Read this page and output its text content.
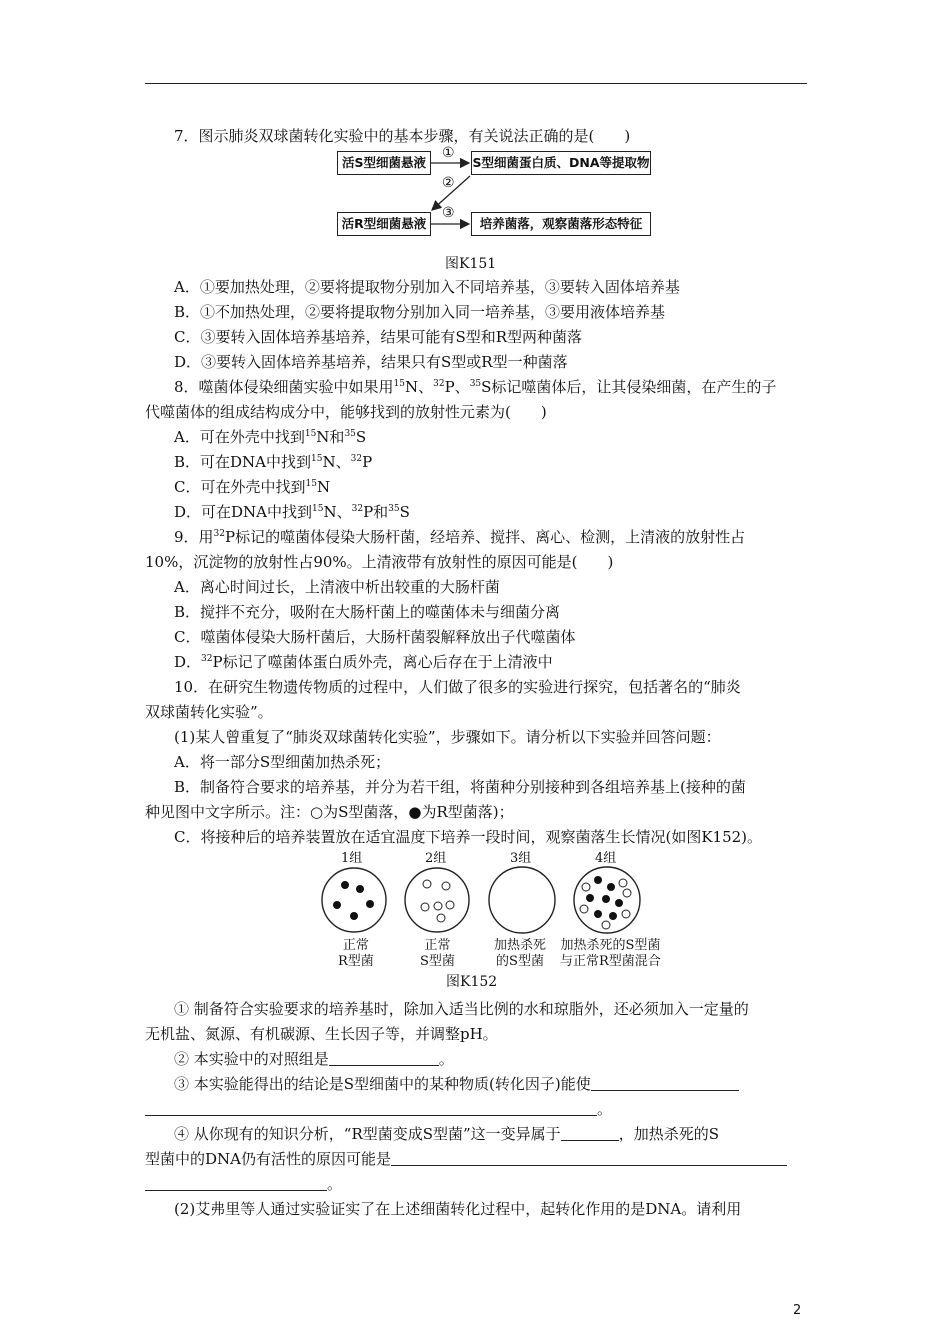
7．图示肺炎双球菌转化实验中的基本步骤，有关说法正确的是(　　)
活S型细菌悬液	S型细菌蛋白质、DNA等提取物
活R型细菌悬液	培养菌落，观察菌落形态特征
①
②
③
图K151
A．①要加热处理，②要将提取物分别加入不同培养基，③要转入固体培养基
B．①不加热处理，②要将提取物分别加入同一培养基，③要用液体培养基
C．③要转入固体培养基培养，结果可能有S型和R型两种菌落
D．③要转入固体培养基培养，结果只有S型或R型一种菌落
8．噬菌体侵染细菌实验中如果用$^{15}$N、$^{32}$P、$^{35}$S标记噬菌体后，让其侵染细菌，在产生的子
代噬菌体的组成结构成分中，能够找到的放射性元素为(　　)
A．可在外壳中找到$^{15}$N和$^{35}$S
B．可在DNA中找到$^{15}$N、$^{32}$P
C．可在外壳中找到$^{15}$N
D．可在DNA中找到$^{15}$N、$^{32}$P和$^{35}$S
9．用$^{32}$P标记的噬菌体侵染大肠杆菌，经培养、搅拌、离心、检测，上清液的放射性占
10%，沉淀物的放射性占90%。上清液带有放射性的原因可能是(　　)
A．离心时间过长，上清液中析出较重的大肠杆菌
B．搅拌不充分，吸附在大肠杆菌上的噬菌体未与细菌分离
C．噬菌体侵染大肠杆菌后，大肠杆菌裂解释放出子代噬菌体
D．$^{32}$P标记了噬菌体蛋白质外壳，离心后存在于上清液中
10．在研究生物遗传物质的过程中，人们做了很多的实验进行探究，包括著名的“肺炎
双球菌转化实验”。
(1)某人曾重复了“肺炎双球菌转化实验”，步骤如下。请分析以下实验并回答问题：
A．将一部分S型细菌加热杀死；
B．制备符合要求的培养基，并分为若干组，将菌种分别接种到各组培养基上(接种的菌
种见图中文字所示。注：○为S型菌落，●为R型菌落)；
C．将接种后的培养装置放在适宜温度下培养一段时间，观察菌落生长情况(如图K152)。
1组	2组	3组	4组
正常
R型菌
正常
S型菌
加热杀死
的S型菌
加热杀死的S型菌
与正常R型菌混合
图K152
① 制备符合实验要求的培养基时，除加入适当比例的水和琼脂外，还必须加入一定量的
无机盐、氮源、有机碳源、生长因子等，并调整pH。
② 本实验中的对照组是	。
③ 本实验能得出的结论是S型细菌中的某种物质(转化因子)能使
。
④ 从你现有的知识分析，“R型菌变成S型菌”这一变异属于	，加热杀死的S
型菌中的DNA仍有活性的原因可能是
。
(2)艾弗里等人通过实验证实了在上述细菌转化过程中，起转化作用的是DNA。请利用
2
